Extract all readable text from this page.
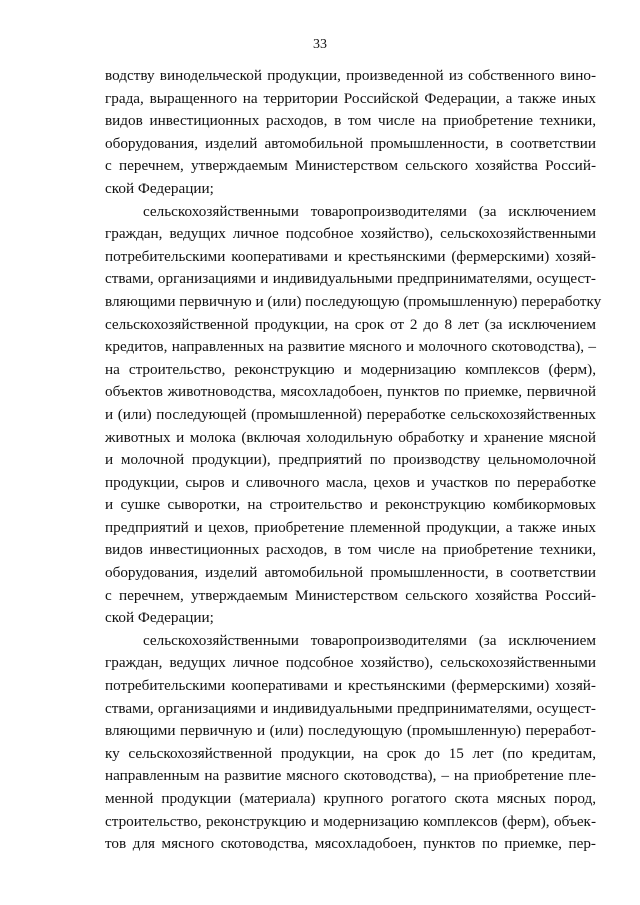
33
водству винодельческой продукции, произведенной из собственного вино-
града, выращенного на территории Российской Федерации, а также иных
видов инвестиционных расходов, в том числе на приобретение техники,
оборудования, изделий автомобильной промышленности, в соответствии
с перечнем, утверждаемым Министерством сельского хозяйства Россий-
ской Федерации;
сельскохозяйственными товаропроизводителями (за исключением
граждан, ведущих личное подсобное хозяйство), сельскохозяйственными
потребительскими кооперативами и крестьянскими (фермерскими) хозяй-
ствами, организациями и индивидуальными предпринимателями, осущест-
вляющими первичную и (или) последующую (промышленную) переработку
сельскохозяйственной продукции, на срок от 2 до 8 лет (за исключением
кредитов, направленных на развитие мясного и молочного скотоводства), –
на строительство, реконструкцию и модернизацию комплексов (ферм),
объектов животноводства, мясохладобоен, пунктов по приемке, первичной
и (или) последующей (промышленной) переработке сельскохозяйственных
животных и молока (включая холодильную обработку и хранение мясной
и молочной продукции), предприятий по производству цельномолочной
продукции, сыров и сливочного масла, цехов и участков по переработке
и сушке сыворотки, на строительство и реконструкцию комбикормовых
предприятий и цехов, приобретение племенной продукции, а также иных
видов инвестиционных расходов, в том числе на приобретение техники,
оборудования, изделий автомобильной промышленности, в соответствии
с перечнем, утверждаемым Министерством сельского хозяйства Россий-
ской Федерации;
сельскохозяйственными товаропроизводителями (за исключением
граждан, ведущих личное подсобное хозяйство), сельскохозяйственными
потребительскими кооперативами и крестьянскими (фермерскими) хозяй-
ствами, организациями и индивидуальными предпринимателями, осущест-
вляющими первичную и (или) последующую (промышленную) переработ-
ку сельскохозяйственной продукции, на срок до 15 лет (по кредитам,
направленным на развитие мясного скотоводства), – на приобретение пле-
менной продукции (материала) крупного рогатого скота мясных пород,
строительство, реконструкцию и модернизацию комплексов (ферм), объек-
тов для мясного скотоводства, мясохладобоен, пунктов по приемке, пер-
